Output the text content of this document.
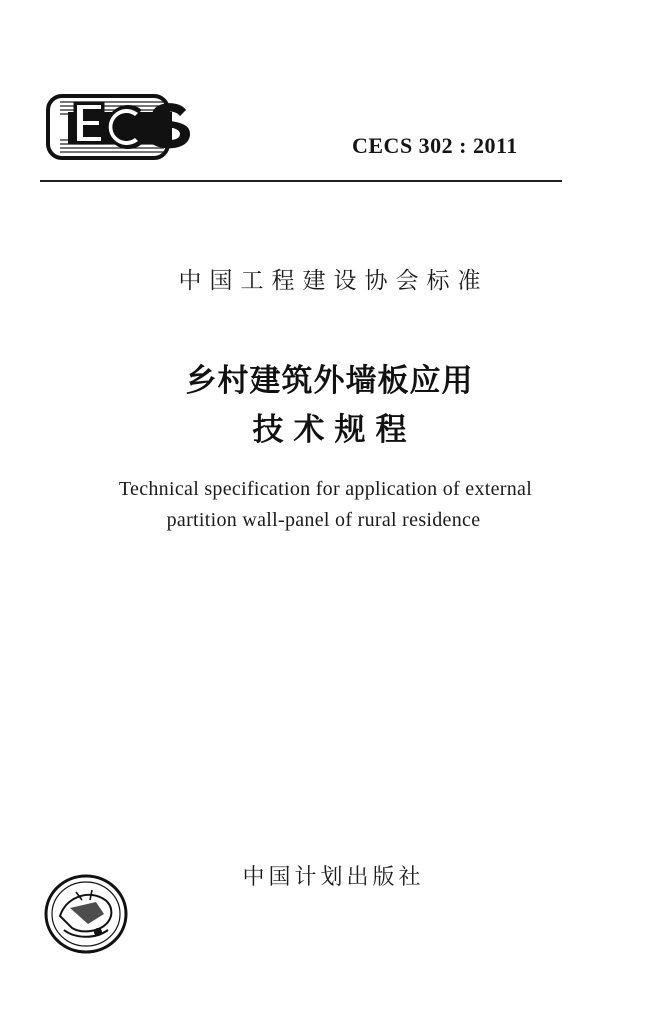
CECS 302 : 2011
中国工程建设协会标准
乡村建筑外墙板应用
技术规程
Technical specification for application of external
partition wall-panel of rural residence
中国计划出版社
